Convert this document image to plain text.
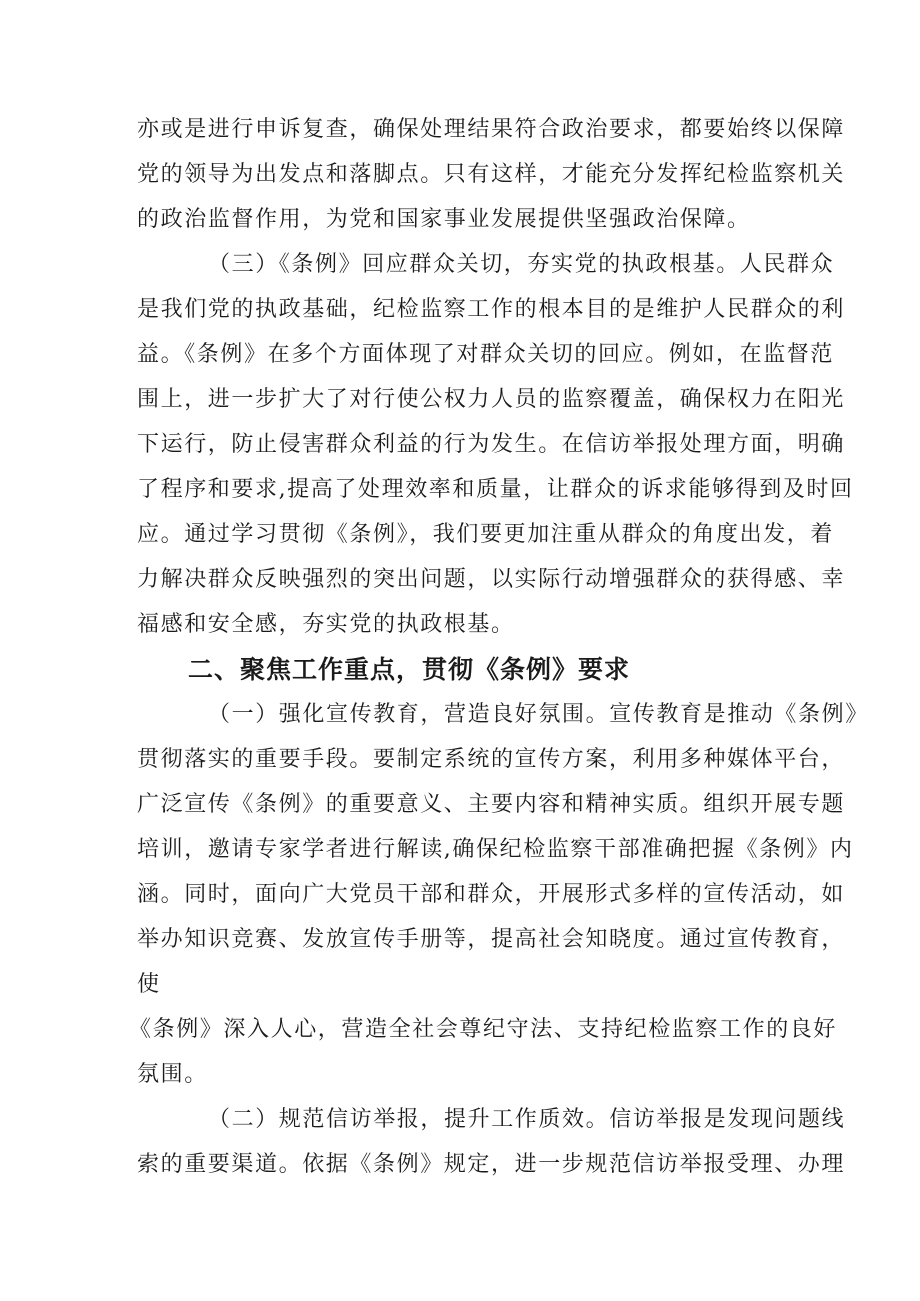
亦或是进行申诉复查，确保处理结果符合政治要求，都要始终以保障
党的领导为出发点和落脚点。只有这样，才能充分发挥纪检监察机关
的政治监督作用，为党和国家事业发展提供坚强政治保障。
（三）《条例》回应群众关切，夯实党的执政根基。人民群众
是我们党的执政基础，纪检监察工作的根本目的是维护人民群众的利
益。《条例》在多个方面体现了对群众关切的回应。例如，在监督范
围上，进一步扩大了对行使公权力人员的监察覆盖，确保权力在阳光
下运行，防止侵害群众利益的行为发生。在信访举报处理方面，明确
了程序和要求,提高了处理效率和质量，让群众的诉求能够得到及时回
应。通过学习贯彻《条例》，我们要更加注重从群众的角度出发，着
力解决群众反映强烈的突出问题，以实际行动增强群众的获得感、幸
福感和安全感，夯实党的执政根基。
二、聚焦工作重点，贯彻《条例》要求
（一）强化宣传教育，营造良好氛围。宣传教育是推动《条例》
贯彻落实的重要手段。要制定系统的宣传方案，利用多种媒体平台，
广泛宣传《条例》的重要意义、主要内容和精神实质。组织开展专题
培训，邀请专家学者进行解读,确保纪检监察干部准确把握《条例》内
涵。同时，面向广大党员干部和群众，开展形式多样的宣传活动，如
举办知识竞赛、发放宣传手册等，提高社会知晓度。通过宣传教育，
使
《条例》深入人心，营造全社会尊纪守法、支持纪检监察工作的良好
氛围。
（二）规范信访举报，提升工作质效。信访举报是发现问题线
索的重要渠道。依据《条例》规定，进一步规范信访举报受理、办理
